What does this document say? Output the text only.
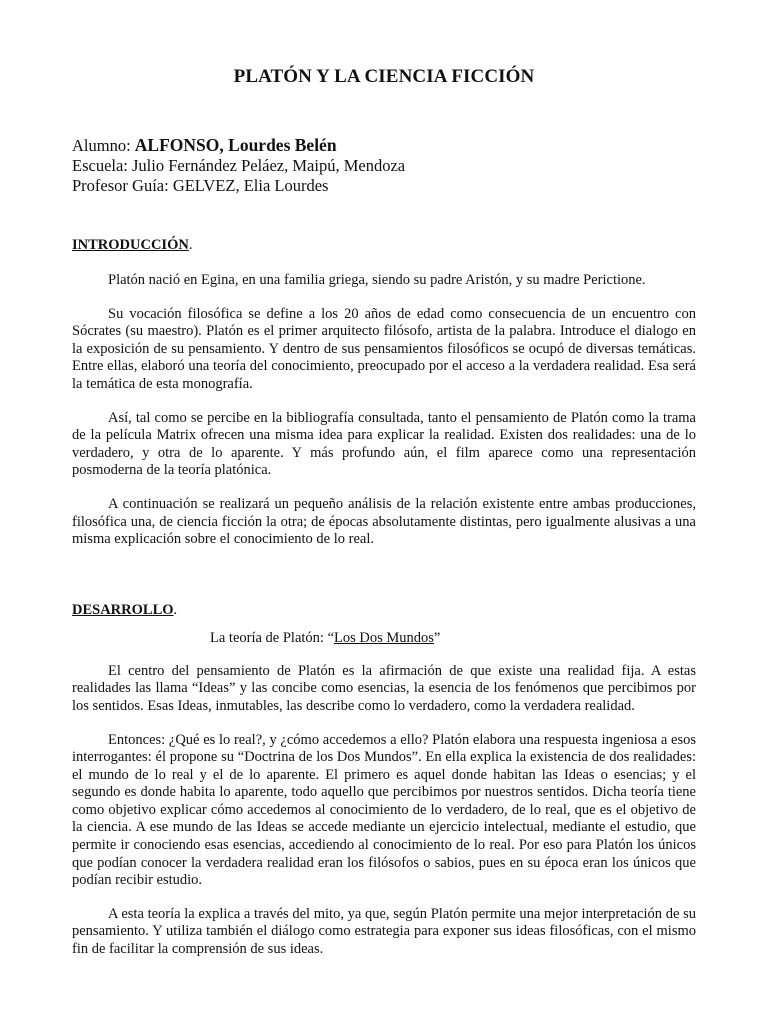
PLATÓN Y LA CIENCIA FICCIÓN
Alumno: ALFONSO, Lourdes Belén
Escuela: Julio Fernández Peláez, Maipú, Mendoza
Profesor Guía: GELVEZ, Elia Lourdes
INTRODUCCIÓN.

Platón nació en Egina, en una familia griega, siendo su padre Aristón, y su madre Perictione.

Su vocación filosófica se define a los 20 años de edad como consecuencia de un encuentro con Sócrates (su maestro). Platón es el primer arquitecto filósofo, artista de la palabra. Introduce el dialogo en la exposición de su pensamiento. Y dentro de sus pensamientos filosóficos se ocupó de diversas temáticas. Entre ellas, elaboró una teoría del conocimiento, preocupado por el acceso a la verdadera realidad. Esa será la temática de esta monografía.

Así, tal como se percibe en la bibliografía consultada, tanto el pensamiento de Platón como la trama de la película Matrix ofrecen una misma idea para explicar la realidad. Existen dos realidades: una de lo verdadero, y otra de lo aparente. Y más profundo aún, el film aparece como una representación posmoderna de la teoría platónica.

A continuación se realizará un pequeño análisis de la relación existente entre ambas producciones, filosófica una, de ciencia ficción la otra; de épocas absolutamente distintas, pero igualmente alusivas a una misma explicación sobre el conocimiento de lo real.

DESARROLLO.
La teoría de Platón: “Los Dos Mundos”

El centro del pensamiento de Platón es la afirmación de que existe una realidad fija. A estas realidades las llama “Ideas” y las concibe como esencias, la esencia de los fenómenos que percibimos por los sentidos. Esas Ideas, inmutables, las describe como lo verdadero, como la verdadera realidad.

Entonces: ¿Qué es lo real?, y ¿cómo accedemos a ello? Platón elabora una respuesta ingeniosa a esos interrogantes: él propone su “Doctrina de los Dos Mundos”. En ella explica la existencia de dos realidades: el mundo de lo real y el de lo aparente. El primero es aquel donde habitan las Ideas o esencias; y el segundo es donde habita lo aparente, todo aquello que percibimos por nuestros sentidos. Dicha teoría tiene como objetivo explicar cómo accedemos al conocimiento de lo verdadero, de lo real, que es el objetivo de la ciencia. A ese mundo de las Ideas se accede mediante un ejercicio intelectual, mediante el estudio, que permite ir conociendo esas esencias, accediendo al conocimiento de lo real. Por eso para Platón los únicos que podían conocer la verdadera realidad eran los filósofos o sabios, pues en su época eran los únicos que podían recibir estudio.

A esta teoría la explica a través del mito, ya que, según Platón permite una mejor interpretación de su pensamiento. Y utiliza también el diálogo como estrategia para exponer sus ideas filosóficas, con el mismo fin de facilitar la comprensión de sus ideas.
